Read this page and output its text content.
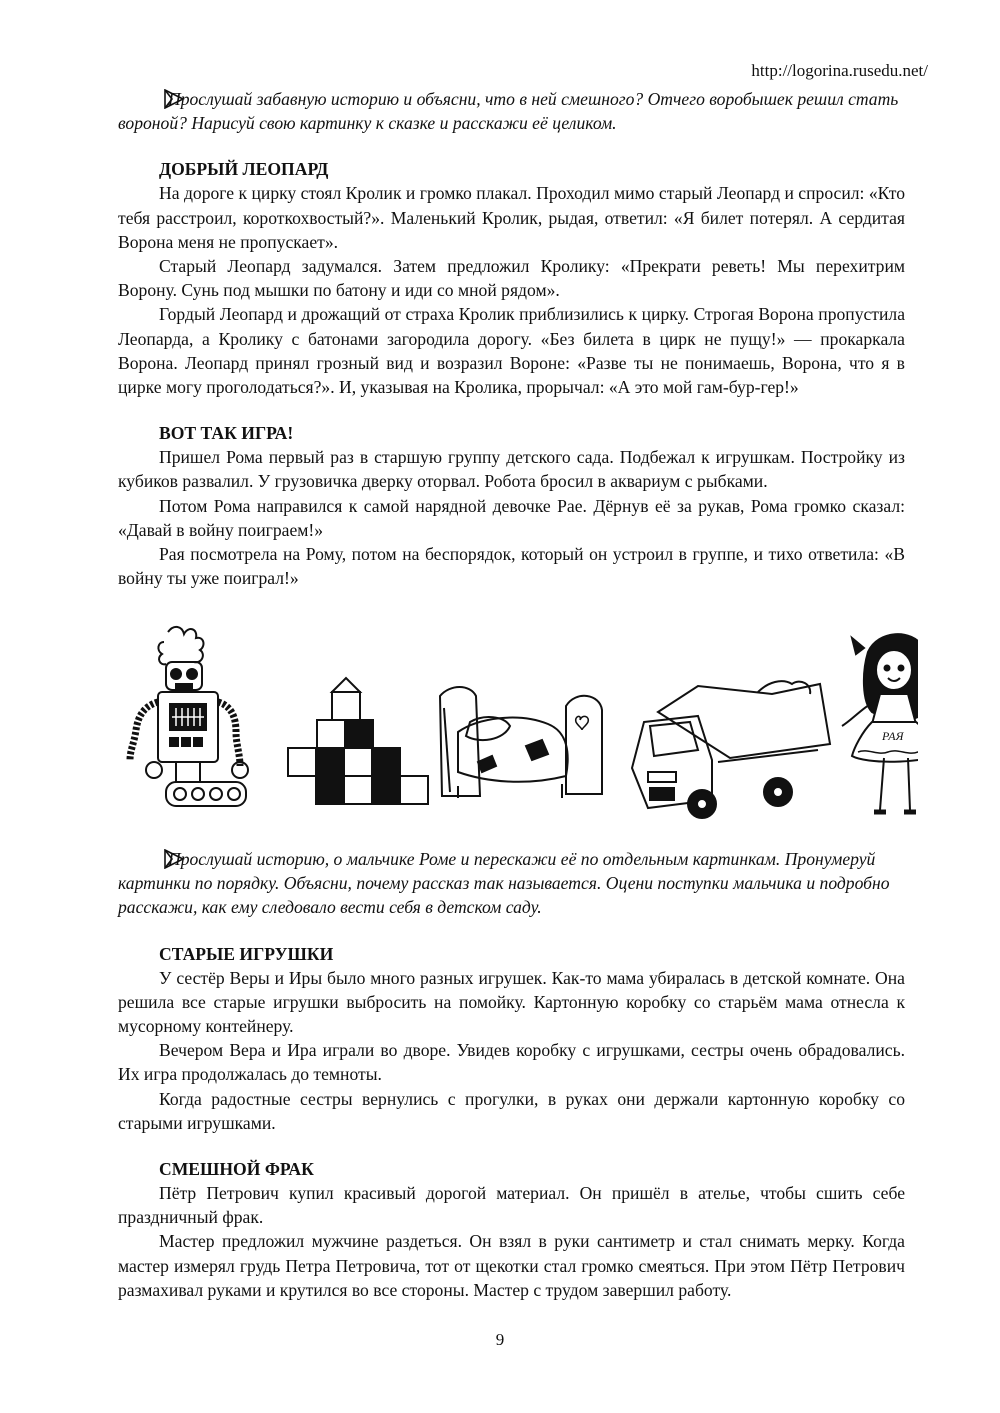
http://logorina.rusedu.net/

Прослушай забавную историю и объясни, что в ней смешного? Отчего воробышек решил стать вороной? Нарисуй свою картинку к сказке и расскажи её целиком.

ДОБРЫЙ ЛЕОПАРД

На дороге к цирку стоял Кролик и громко плакал. Проходил мимо старый Леопард и спросил: «Кто тебя расстроил, короткохвостый?». Маленький Кролик, рыдая, ответил: «Я билет потерял. А сердитая Ворона меня не пропускает».

Старый Леопард задумался. Затем предложил Кролику: «Прекрати реветь! Мы перехитрим Ворону. Сунь под мышки по батону и иди со мной рядом».

Гордый Леопард и дрожащий от страха Кролик приблизились к цирку. Строгая Ворона пропустила Леопарда, а Кролику с батонами загородила дорогу. «Без билета в цирк не пущу!» — прокаркала Ворона. Леопард принял грозный вид и возразил Вороне: «Разве ты не понимаешь, Ворона, что я в цирке могу проголодаться?». И, указывая на Кролика, прорычал: «А это мой гам-бур-гер!»

ВОТ ТАК ИГРА!

Пришел Рома первый раз в старшую группу детского сада. Подбежал к игрушкам. Постройку из кубиков развалил. У грузовичка дверку оторвал. Робота бросил в аквариум с рыбками.

Потом Рома направился к самой нарядной девочке Рае. Дёрнув её за рукав, Рома громко сказал: «Давай в войну поиграем!»

Рая посмотрела на Рому, потом на беспорядок, который он устроил в группе, и тихо ответила: «В войну ты уже поиграл!»

РАЯ

Прослушай историю, о мальчике Роме и перескажи её по отдельным картинкам. Пронумеруй картинки по порядку. Объясни, почему рассказ так называется. Оцени поступки мальчика и подробно расскажи, как ему следовало вести себя в детском саду.

СТАРЫЕ ИГРУШКИ

У сестёр Веры и Иры было много разных игрушек. Как-то мама убиралась в детской комнате. Она решила все старые игрушки выбросить на помойку. Картонную коробку со старьём мама отнесла к мусорному контейнеру.

Вечером Вера и Ира играли во дворе. Увидев коробку с игрушками, сестры очень обрадовались. Их игра продолжалась до темноты.

Когда радостные сестры вернулись с прогулки, в руках они держали картонную коробку со старыми игрушками.

СМЕШНОЙ ФРАК

Пётр Петрович купил красивый дорогой материал. Он пришёл в ателье, чтобы сшить себе праздничный фрак.

Мастер предложил мужчине раздеться. Он взял в руки сантиметр и стал снимать мерку. Когда мастер измерял грудь Петра Петровича, тот от щекотки стал громко смеяться. При этом Пётр Петрович размахивал руками и крутился во все стороны. Мастер с трудом завершил работу.

9
